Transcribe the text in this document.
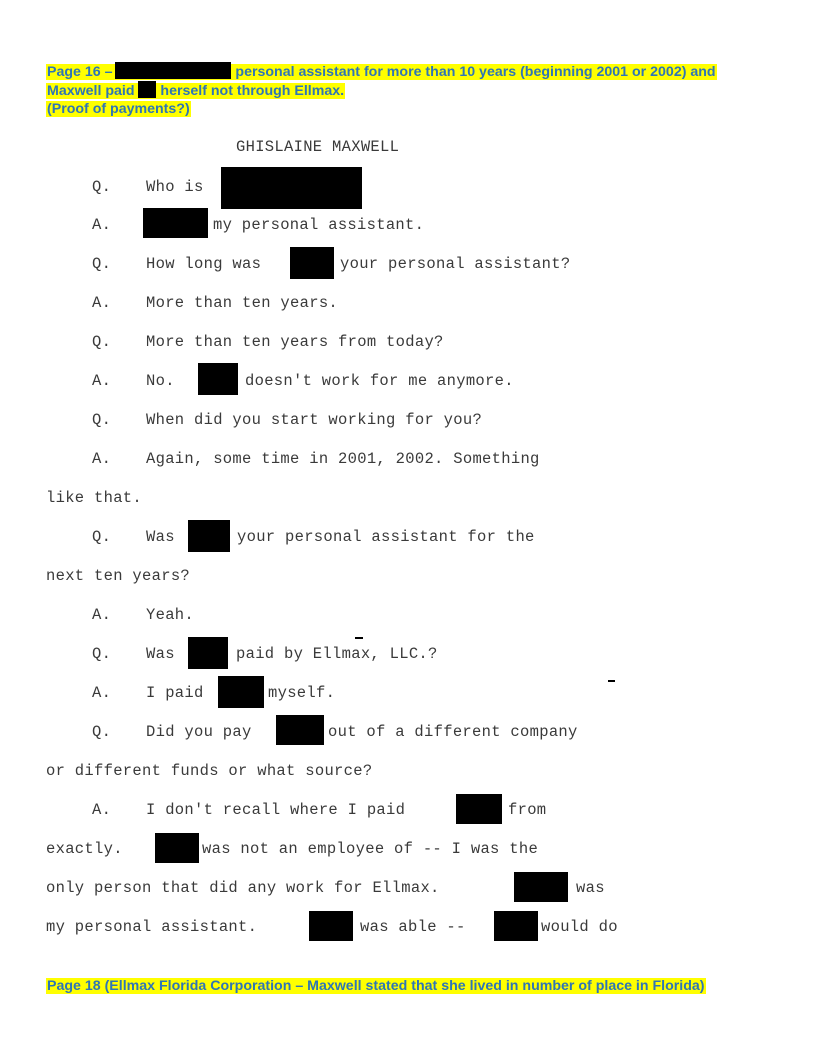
Page 16 –	personal assistant for more than 10 years (beginning 2001 or 2002) and
Maxwell paid herself not through Ellmax.
(Proof of payments?)
GHISLAINE MAXWELL
Q. Who is
A.	my personal assistant.
Q. How long was	your personal assistant?
A. More than ten years.
Q. More than ten years from today?
A. No.	doesn't work for me anymore.
Q. When did you start working for you?
A. Again, some time in 2001, 2002. Something
like that.
Q. Was	your personal assistant for the
next ten years?
A. Yeah.
Q. Was	paid by Ellmax, LLC.?
A. I paid	myself.
Q. Did you pay	out of a different company
or different funds or what source?
A. I don't recall where I paid	from
exactly.	was not an employee of -- I was the
only person that did any work for Ellmax.	was
my personal assistant.	was able --	would do
Page 18 (Ellmax Florida Corporation – Maxwell stated that she lived in number of place in Florida)
